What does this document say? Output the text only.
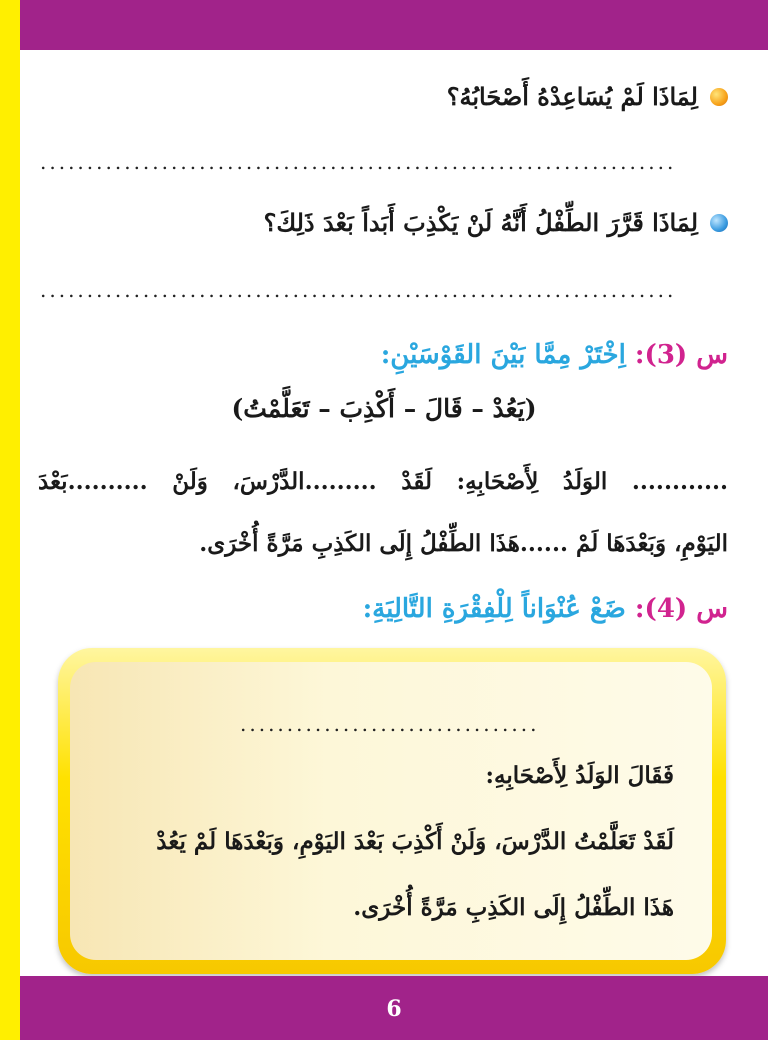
لِمَاذَا لَمْ يُسَاعِدْهُ أَصْحَابُهُ؟
....................................................................
لِمَاذَا قَرَّرَ الطِّفْلُ أَنَّهُ لَنْ يَكْذِبَ أَبَداً بَعْدَ ذَلِكَ؟
....................................................................
س (3): اِخْتَرْ مِمَّا بَيْنَ القَوْسَيْنِ:
(يَعُدْ – قَالَ – أَكْذِبَ – تَعَلَّمْتُ)
............ الوَلَدُ لِأَصْحَابِهِ: لَقَدْ .........الدَّرْسَ، وَلَنْ ..........بَعْدَ
اليَوْمِ، وَبَعْدَهَا لَمْ ......هَذَا الطِّفْلُ إِلَى الكَذِبِ مَرَّةً أُخْرَى.
س (4): ضَعْ عُنْوَاناً لِلْفِقْرَةِ التَّالِيَةِ:
................................
فَقَالَ الوَلَدُ لِأَصْحَابِهِ:
لَقَدْ تَعَلَّمْتُ الدَّرْسَ، وَلَنْ أَكْذِبَ بَعْدَ اليَوْمِ، وَبَعْدَهَا لَمْ يَعُدْ
هَذَا الطِّفْلُ إِلَى الكَذِبِ مَرَّةً أُخْرَى.
6
